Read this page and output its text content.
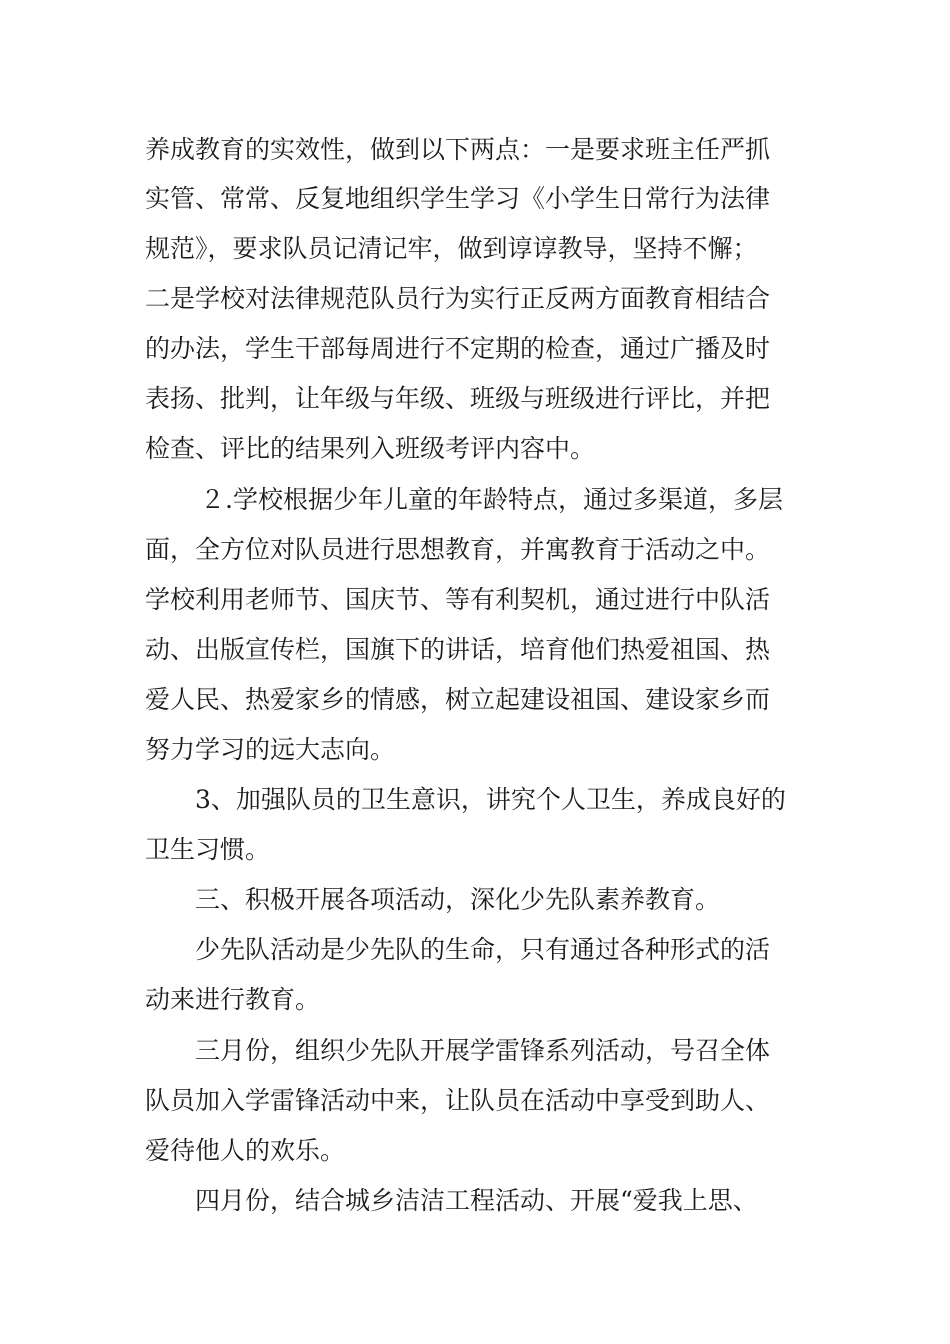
养成教育的实效性，做到以下两点：一是要求班主任严抓
实管、常常、反复地组织学生学习《小学生日常行为法律
规范》，要求队员记清记牢，做到谆谆教导，坚持不懈；
二是学校对法律规范队员行为实行正反两方面教育相结合
的办法，学生干部每周进行不定期的检查，通过广播及时
表扬、批判，让年级与年级、班级与班级进行评比，并把
检查、评比的结果列入班级考评内容中。
２.学校根据少年儿童的年龄特点，通过多渠道，多层
面，全方位对队员进行思想教育，并寓教育于活动之中。
学校利用老师节、国庆节、等有利契机，通过进行中队活
动、出版宣传栏，国旗下的讲话，培育他们热爱祖国、热
爱人民、热爱家乡的情感，树立起建设祖国、建设家乡而
努力学习的远大志向。
3、加强队员的卫生意识，讲究个人卫生，养成良好的
卫生习惯。
三、积极开展各项活动，深化少先队素养教育。
少先队活动是少先队的生命，只有通过各种形式的活
动来进行教育。
三月份，组织少先队开展学雷锋系列活动，号召全体
队员加入学雷锋活动中来，让队员在活动中享受到助人、
爱待他人的欢乐。
四月份，结合城乡洁洁工程活动、开展“爱我上思、
